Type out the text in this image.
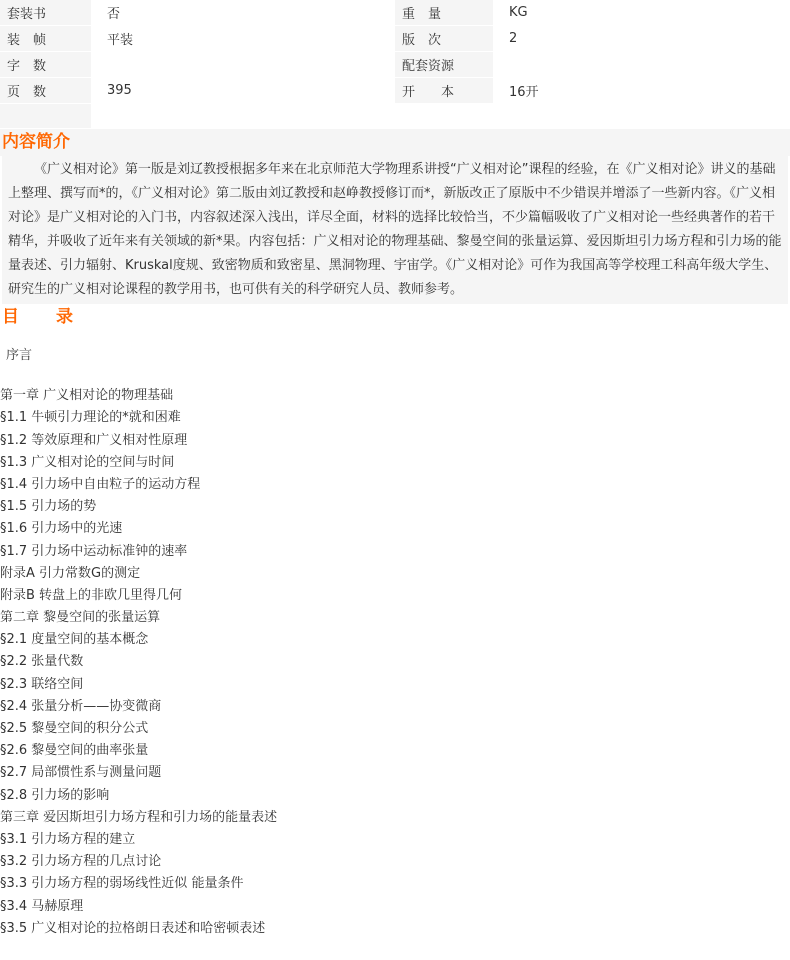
套装书	否	重　量	KG
装　帧	平装	版　次	2
字　数		配套资源	
页　数	395	开　　本	16开

内容简介
《广义相对论》第一版是刘辽教授根据多年来在北京师范大学物理系讲授“广义相对论”课程的经验，在《广义相对论》讲义的基础上整理、撰写而*的，《广义相对论》第二版由刘辽教授和赵峥教授修订而*，新版改正了原版中不少错误并增添了一些新内容。《广义相对论》是广义相对论的入门书，内容叙述深入浅出，详尽全面，材料的选择比较恰当，不少篇幅吸收了广义相对论一些经典著作的若干精华，并吸收了近年来有关领域的新*果。内容包括：广义相对论的物理基础、黎曼空间的张量运算、爱因斯坦引力场方程和引力场的能量表述、引力辐射、Kruskal度规、致密物质和致密星、黑洞物理、宇宙学。《广义相对论》可作为我国高等学校理工科高年级大学生、研究生的广义相对论课程的教学用书，也可供有关的科学研究人员、教师参考。
目　录
序言
第一章 广义相对论的物理基础
§1.1 牛顿引力理论的*就和困难
§1.2 等效原理和广义相对性原理
§1.3 广义相对论的空间与时间
§1.4 引力场中自由粒子的运动方程
§1.5 引力场的势
§1.6 引力场中的光速
§1.7 引力场中运动标准钟的速率
附录A 引力常数G的测定
附录B 转盘上的非欧几里得几何
第二章 黎曼空间的张量运算
§2.1 度量空间的基本概念
§2.2 张量代数
§2.3 联络空间
§2.4 张量分析——协变微商
§2.5 黎曼空间的积分公式
§2.6 黎曼空间的曲率张量
§2.7 局部惯性系与测量问题
§2.8 引力场的影响
第三章 爱因斯坦引力场方程和引力场的能量表述
§3.1 引力场方程的建立
§3.2 引力场方程的几点讨论
§3.3 引力场方程的弱场线性近似 能量条件
§3.4 马赫原理
§3.5 广义相对论的拉格朗日表述和哈密顿表述
